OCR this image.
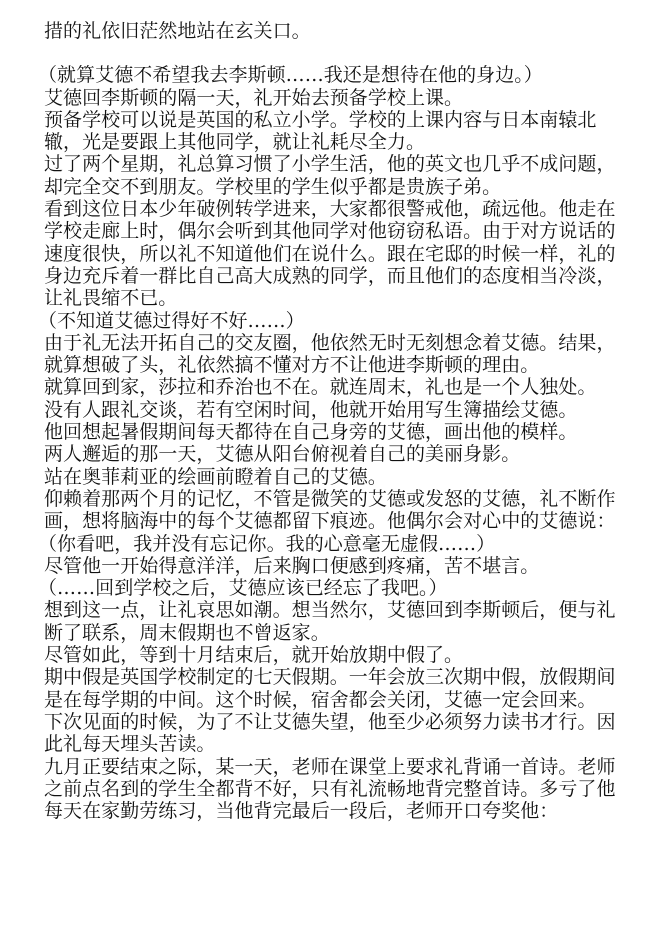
措的礼依旧茫然地站在玄关口。

（就算艾德不希望我去李斯顿……我还是想待在他的身边。）

艾德回李斯顿的隔一天，礼开始去预备学校上课。

预备学校可以说是英国的私立小学。学校的上课内容与日本南辕北辙，光是要跟上其他同学，就让礼耗尽全力。

过了两个星期，礼总算习惯了小学生活，他的英文也几乎不成问题，却完全交不到朋友。学校里的学生似乎都是贵族子弟。

看到这位日本少年破例转学进来，大家都很警戒他，疏远他。他走在学校走廊上时，偶尔会听到其他同学对他窃窃私语。由于对方说话的速度很快，所以礼不知道他们在说什么。跟在宅邸的时候一样，礼的身边充斥着一群比自己高大成熟的同学，而且他们的态度相当冷淡，让礼畏缩不已。

（不知道艾德过得好不好……）

由于礼无法开拓自己的交友圈，他依然无时无刻想念着艾德。结果，就算想破了头，礼依然搞不懂对方不让他进李斯顿的理由。

就算回到家，莎拉和乔治也不在。就连周末，礼也是一个人独处。

没有人跟礼交谈，若有空闲时间，他就开始用写生簿描绘艾德。

他回想起暑假期间每天都待在自己身旁的艾德，画出他的模样。

两人邂逅的那一天，艾德从阳台俯视着自己的美丽身影。

站在奥菲莉亚的绘画前瞪着自己的艾德。

仰赖着那两个月的记忆，不管是微笑的艾德或发怒的艾德，礼不断作画，想将脑海中的每个艾德都留下痕迹。他偶尔会对心中的艾德说：

（你看吧，我并没有忘记你。我的心意毫无虚假……）

尽管他一开始得意洋洋，后来胸口便感到疼痛，苦不堪言。

（……回到学校之后，艾德应该已经忘了我吧。）

想到这一点，让礼哀思如潮。想当然尔，艾德回到李斯顿后，便与礼断了联系，周末假期也不曾返家。

尽管如此，等到十月结束后，就开始放期中假了。

期中假是英国学校制定的七天假期。一年会放三次期中假，放假期间是在每学期的中间。这个时候，宿舍都会关闭，艾德一定会回来。

下次见面的时候，为了不让艾德失望，他至少必须努力读书才行。因此礼每天埋头苦读。

九月正要结束之际，某一天，老师在课堂上要求礼背诵一首诗。老师之前点名到的学生全都背不好，只有礼流畅地背完整首诗。多亏了他每天在家勤劳练习，当他背完最后一段后，老师开口夸奖他：
